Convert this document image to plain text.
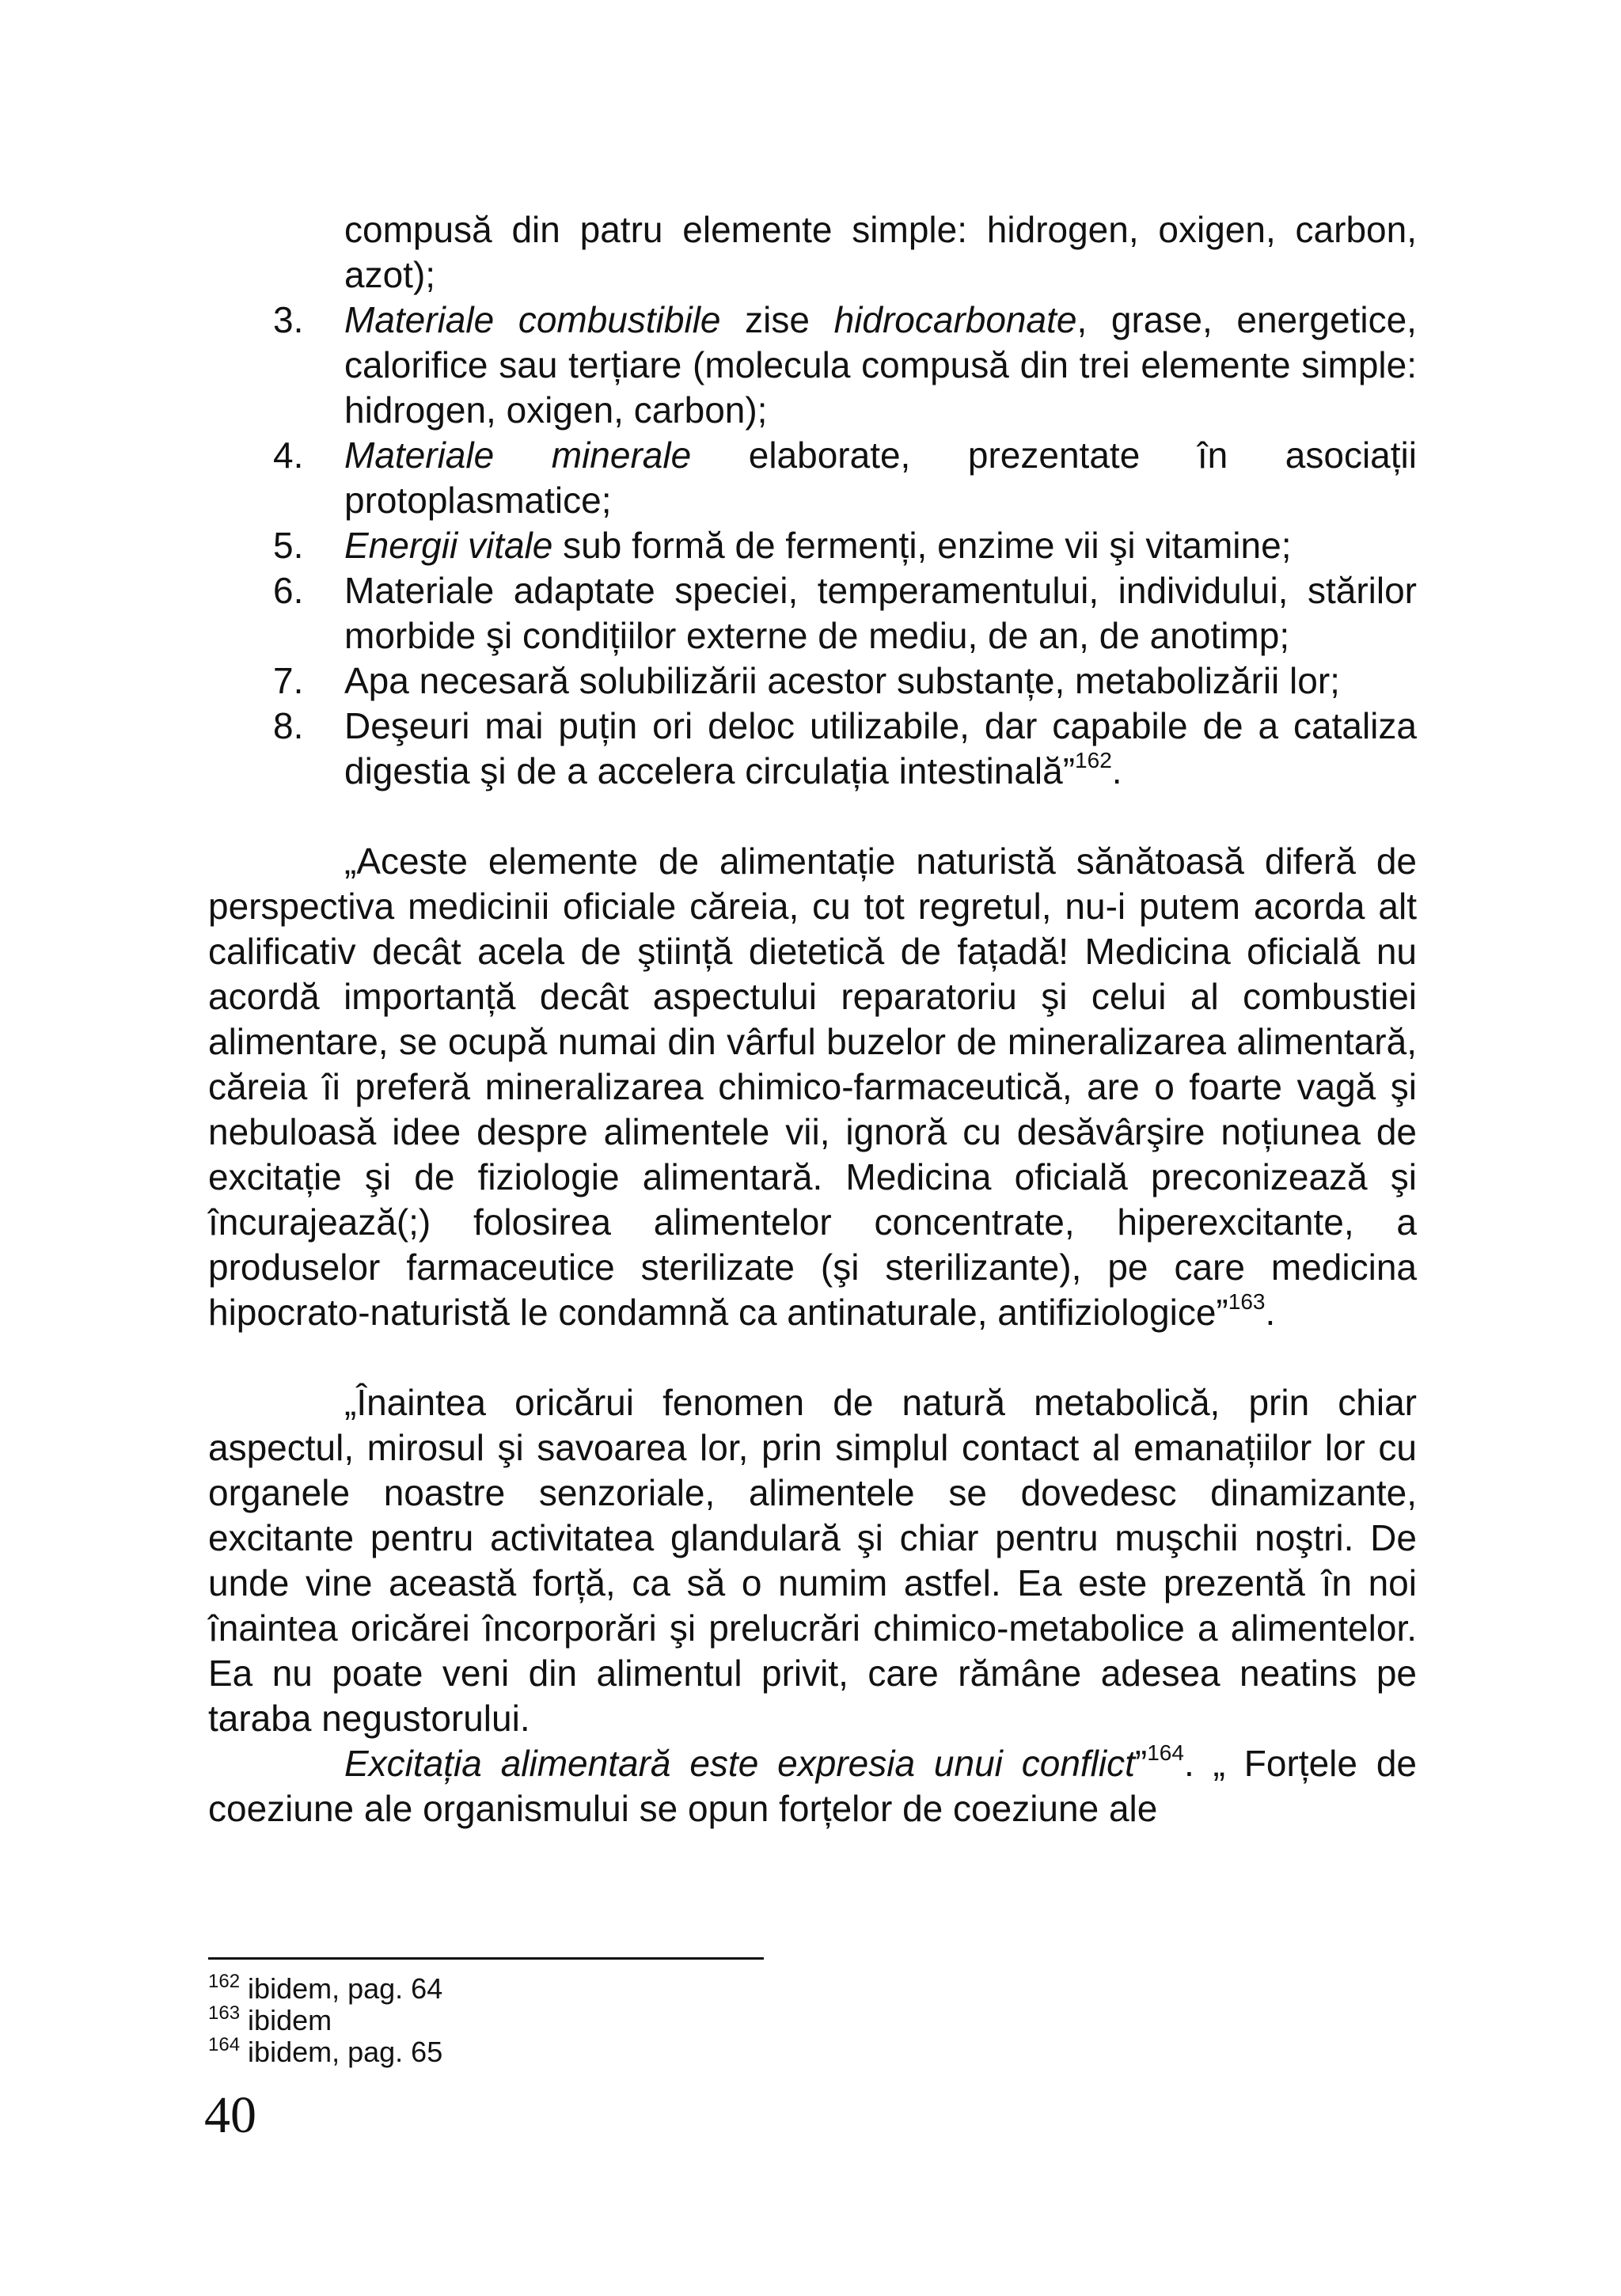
compusă din patru elemente simple: hidrogen, oxigen, carbon, azot);
3. Materiale combustibile zise hidrocarbonate, grase, energetice, calorifice sau terțiare (molecula compusă din trei elemente simple: hidrogen, oxigen, carbon);
4. Materiale minerale elaborate, prezentate în asociații protoplasmatice;
5. Energii vitale sub formă de fermenți, enzime vii şi vitamine;
6. Materiale adaptate speciei, temperamentului, individului, stărilor morbide şi condițiilor externe de mediu, de an, de anotimp;
7. Apa necesară solubilizării acestor substanțe, metabolizării lor;
8. Deşeuri mai puțin ori deloc utilizabile, dar capabile de a cataliza digestia şi de a accelera circulația intestinală”$^{162}$.

„Aceste elemente de alimentație naturistă sănătoasă diferă de perspectiva medicinii oficiale căreia, cu tot regretul, nu-i putem acorda alt calificativ decât acela de ştiință dietetică de fațadă! Medicina oficială nu acordă importanță decât aspectului reparatoriu şi celui al combustiei alimentare, se ocupă numai din vârful buzelor de mineralizarea alimentară, căreia îi preferă mineralizarea chimico-farmaceutică, are o foarte vagă şi nebuloasă idee despre alimentele vii, ignoră cu desăvârşire noțiunea de excitație şi de fiziologie alimentară. Medicina oficială preconizează şi încurajează(;) folosirea alimentelor concentrate, hiperexcitante, a produselor farmaceutice sterilizate (şi sterilizante), pe care medicina hipocrato-naturistă le condamnă ca antinaturale, antifiziologice”$^{163}$.

„Înaintea oricărui fenomen de natură metabolică, prin chiar aspectul, mirosul şi savoarea lor, prin simplul contact al emanațiilor lor cu organele noastre senzoriale, alimentele se dovedesc dinamizante, excitante pentru activitatea glandulară şi chiar pentru muşchii noştri. De unde vine această forță, ca să o numim astfel. Ea este prezentă în noi înaintea oricărei încorporări şi prelucrări chimico-metabolice a alimentelor. Ea nu poate veni din alimentul privit, care rămâne adesea neatins pe taraba negustorului.

Excitația alimentară este expresia unui conflict”$^{164}$. „ Forțele de coeziune ale organismului se opun forțelor de coeziune ale

$^{162}$ ibidem, pag. 64
$^{163}$ ibidem
$^{164}$ ibidem, pag. 65
40
